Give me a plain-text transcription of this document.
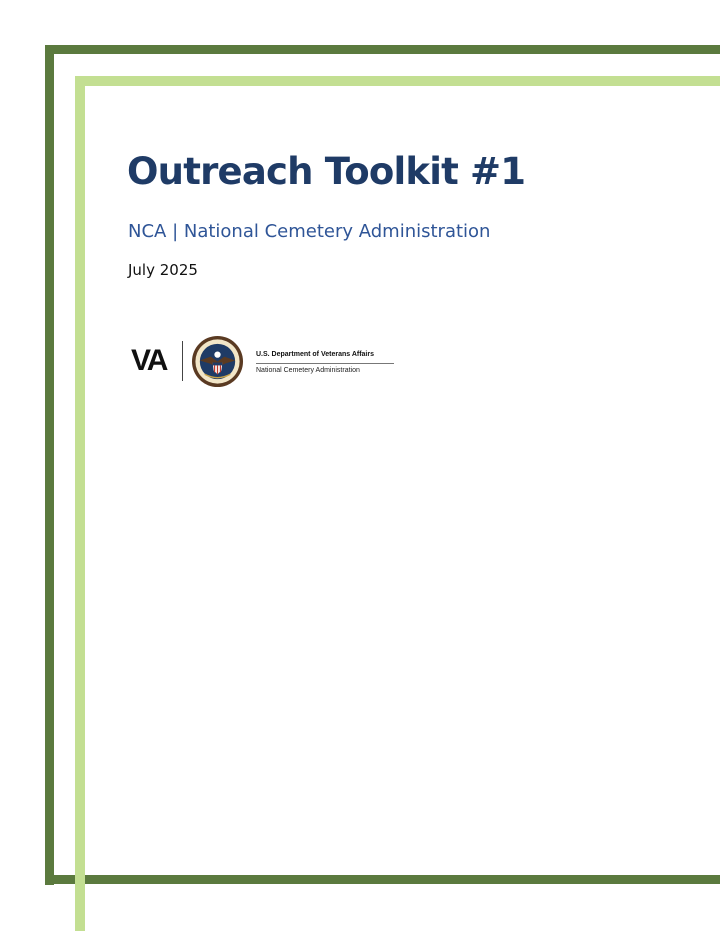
Outreach Toolkit #1

NCA | National Cemetery Administration

July 2025

VA	U.S. Department of Veterans Affairs
National Cemetery Administration
